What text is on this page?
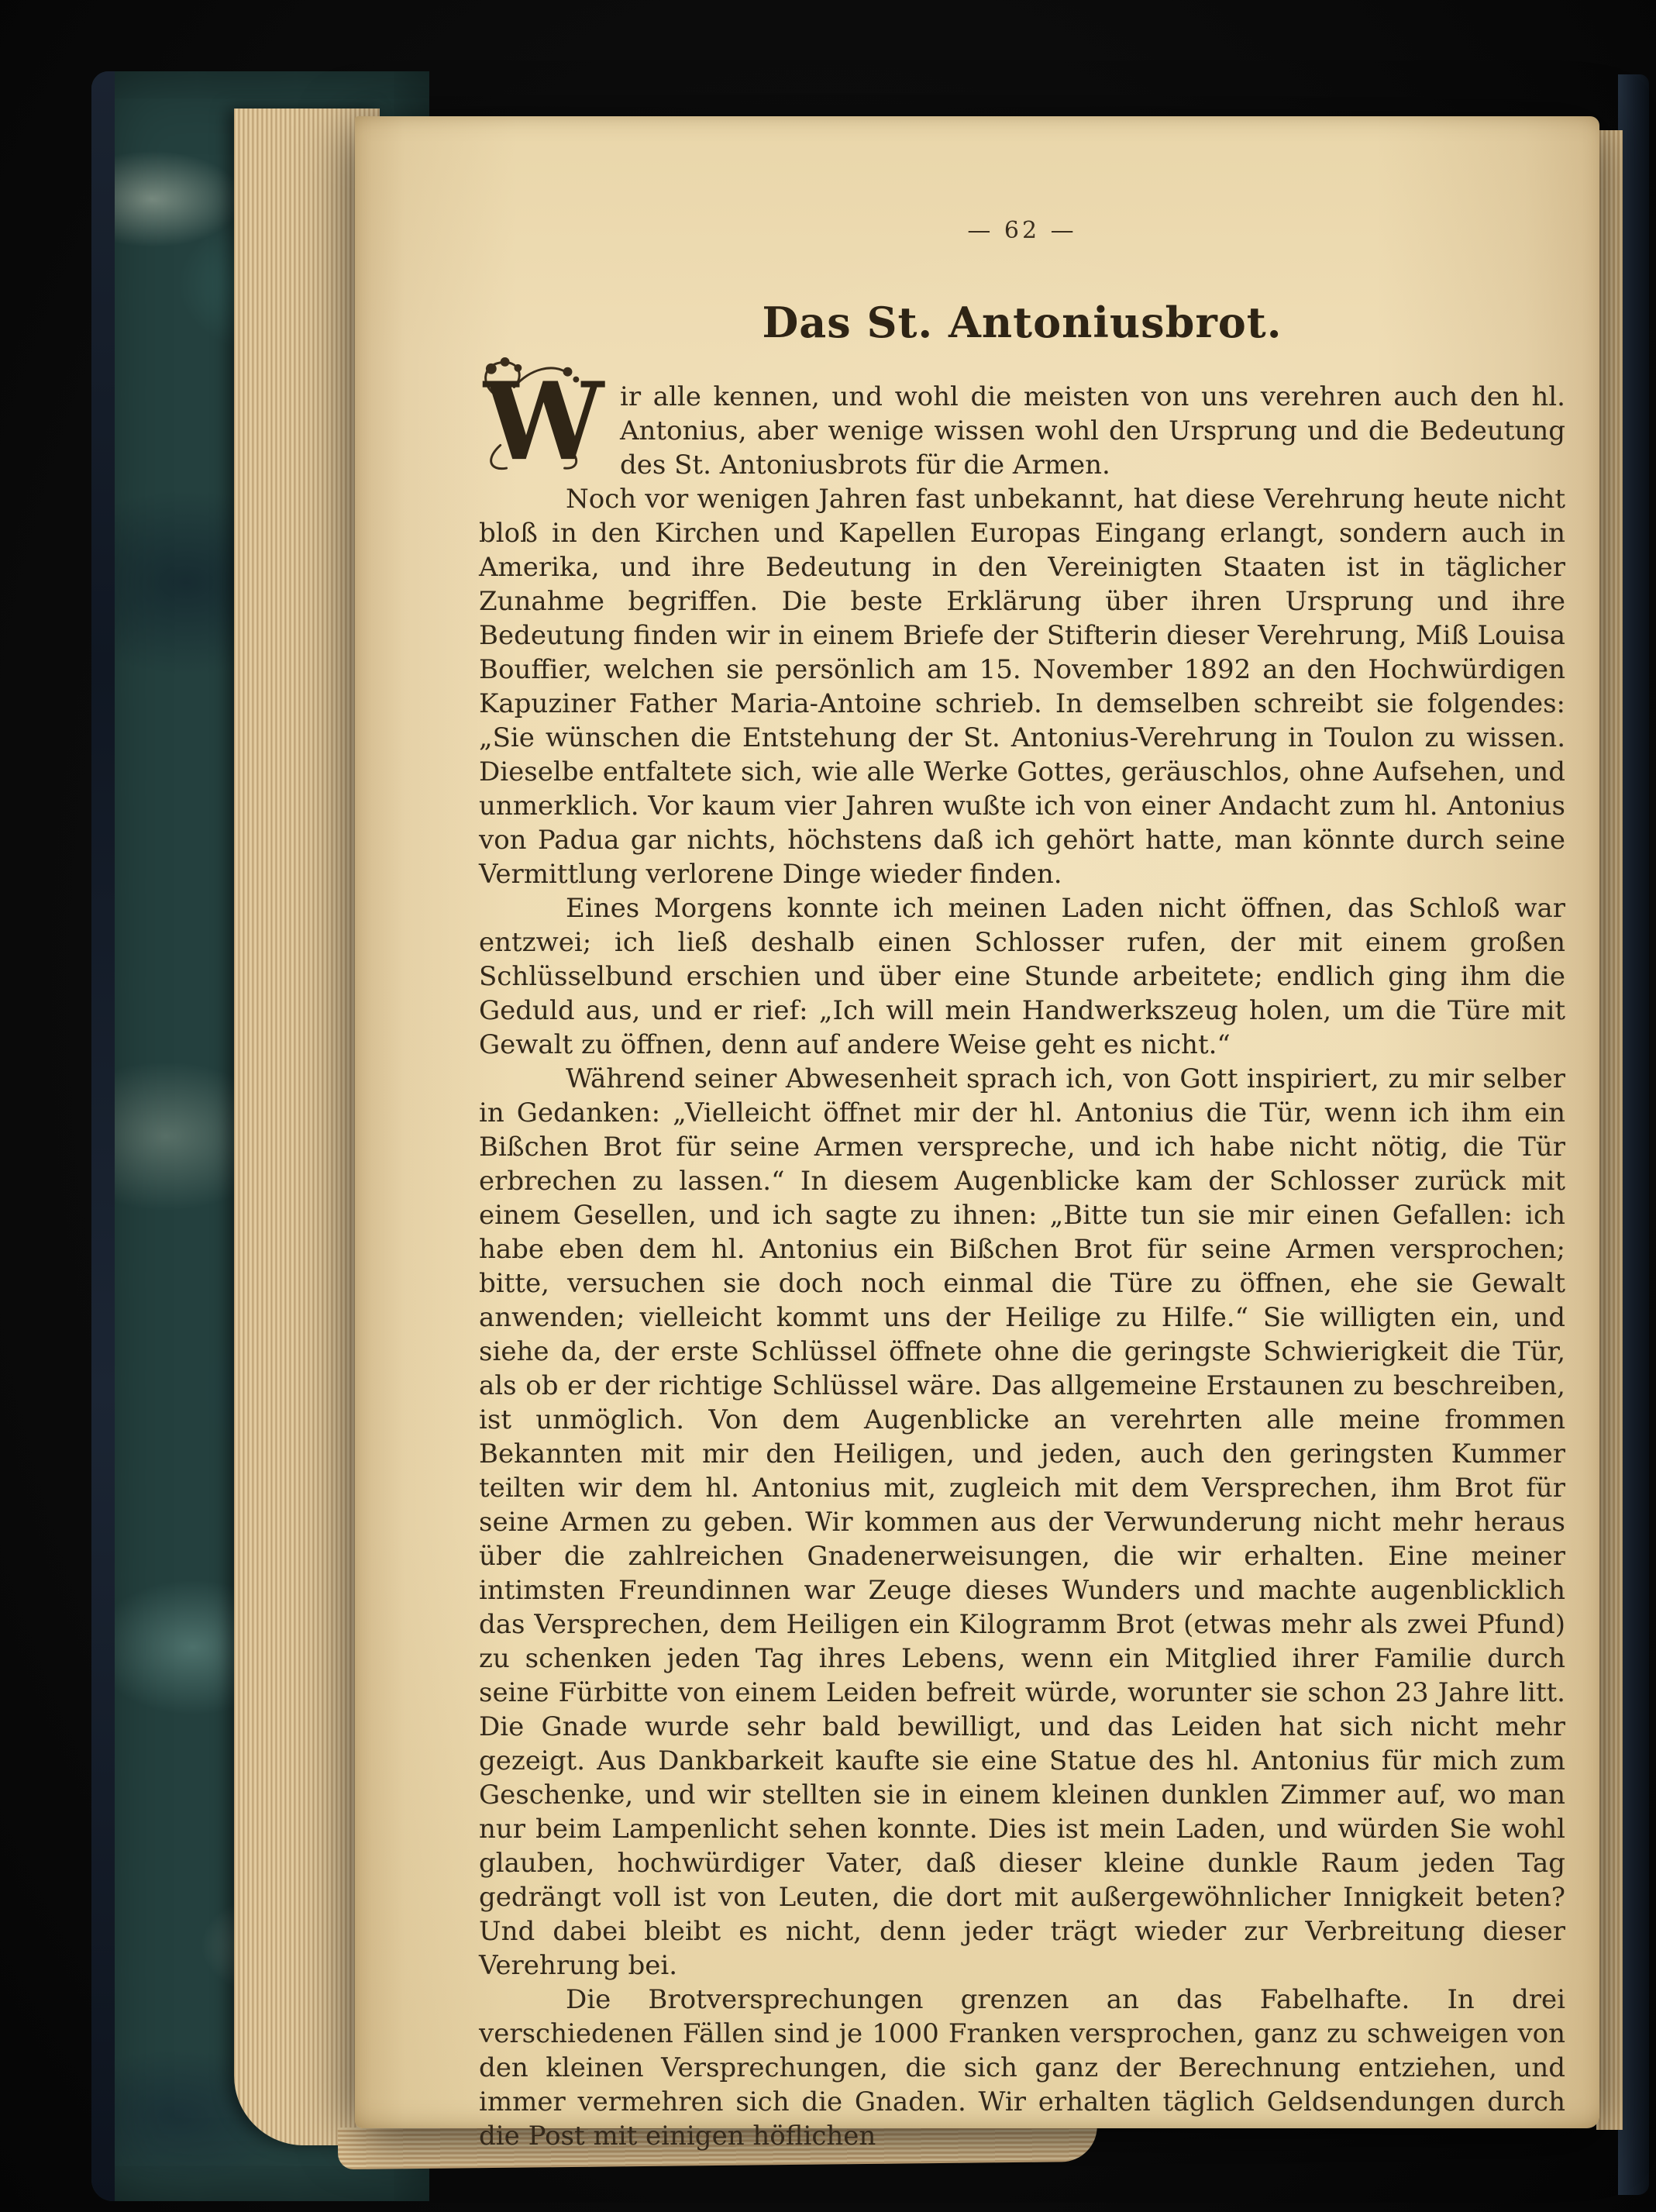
— 62 —
Das St. Antoniusbrot.

W ir alle kennen, und wohl die meisten von uns verehren auch den hl. Antonius, aber wenige wissen wohl den Ursprung und die Bedeutung des St. Antoniusbrots für die Armen.

Noch vor wenigen Jahren fast unbekannt, hat diese Verehrung heute nicht bloß in den Kirchen und Kapellen Europas Eingang erlangt, sondern auch in Amerika, und ihre Bedeutung in den Vereinigten Staaten ist in täglicher Zunahme begriffen. Die beste Erklärung über ihren Ursprung und ihre Bedeutung finden wir in einem Briefe der Stifterin dieser Verehrung, Miß Louisa Bouffier, welchen sie persönlich am 15. November 1892 an den Hochwürdigen Kapuziner Father Maria-Antoine schrieb. In demselben schreibt sie folgendes: „Sie wünschen die Entstehung der St. Antonius-Verehrung in Toulon zu wissen. Dieselbe entfaltete sich, wie alle Werke Gottes, geräuschlos, ohne Aufsehen, und unmerklich. Vor kaum vier Jahren wußte ich von einer Andacht zum hl. Antonius von Padua gar nichts, höchstens daß ich gehört hatte, man könnte durch seine Vermittlung verlorene Dinge wieder finden.

Eines Morgens konnte ich meinen Laden nicht öffnen, das Schloß war entzwei; ich ließ deshalb einen Schlosser rufen, der mit einem großen Schlüsselbund erschien und über eine Stunde arbeitete; endlich ging ihm die Geduld aus, und er rief: „Ich will mein Handwerkszeug holen, um die Türe mit Gewalt zu öffnen, denn auf andere Weise geht es nicht.“

Während seiner Abwesenheit sprach ich, von Gott inspiriert, zu mir selber in Gedanken: „Vielleicht öffnet mir der hl. Antonius die Tür, wenn ich ihm ein Bißchen Brot für seine Armen verspreche, und ich habe nicht nötig, die Tür erbrechen zu lassen.“ In diesem Augenblicke kam der Schlosser zurück mit einem Gesellen, und ich sagte zu ihnen: „Bitte tun sie mir einen Gefallen: ich habe eben dem hl. Antonius ein Bißchen Brot für seine Armen versprochen; bitte, versuchen sie doch noch einmal die Türe zu öffnen, ehe sie Gewalt anwenden; vielleicht kommt uns der Heilige zu Hilfe.“ Sie willigten ein, und siehe da, der erste Schlüssel öffnete ohne die geringste Schwierigkeit die Tür, als ob er der richtige Schlüssel wäre. Das allgemeine Erstaunen zu beschreiben, ist unmöglich. Von dem Augenblicke an verehrten alle meine frommen Bekannten mit mir den Heiligen, und jeden, auch den geringsten Kummer teilten wir dem hl. Antonius mit, zugleich mit dem Versprechen, ihm Brot für seine Armen zu geben. Wir kommen aus der Verwunderung nicht mehr heraus über die zahlreichen Gnadenerweisungen, die wir erhalten. Eine meiner intimsten Freundinnen war Zeuge dieses Wunders und machte augenblicklich das Versprechen, dem Heiligen ein Kilogramm Brot (etwas mehr als zwei Pfund) zu schenken jeden Tag ihres Lebens, wenn ein Mitglied ihrer Familie durch seine Fürbitte von einem Leiden befreit würde, worunter sie schon 23 Jahre litt. Die Gnade wurde sehr bald bewilligt, und das Leiden hat sich nicht mehr gezeigt. Aus Dankbarkeit kaufte sie eine Statue des hl. Antonius für mich zum Geschenke, und wir stellten sie in einem kleinen dunklen Zimmer auf, wo man nur beim Lampenlicht sehen konnte. Dies ist mein Laden, und würden Sie wohl glauben, hochwürdiger Vater, daß dieser kleine dunkle Raum jeden Tag gedrängt voll ist von Leuten, die dort mit außergewöhnlicher Innigkeit beten? Und dabei bleibt es nicht, denn jeder trägt wieder zur Verbreitung dieser Verehrung bei.

Die Brotversprechungen grenzen an das Fabelhafte. In drei verschiedenen Fällen sind je 1000 Franken versprochen, ganz zu schweigen von den kleinen Versprechungen, die sich ganz der Berechnung entziehen, und immer vermehren sich die Gnaden. Wir erhalten täglich Geldsendungen durch die Post mit einigen höflichen
